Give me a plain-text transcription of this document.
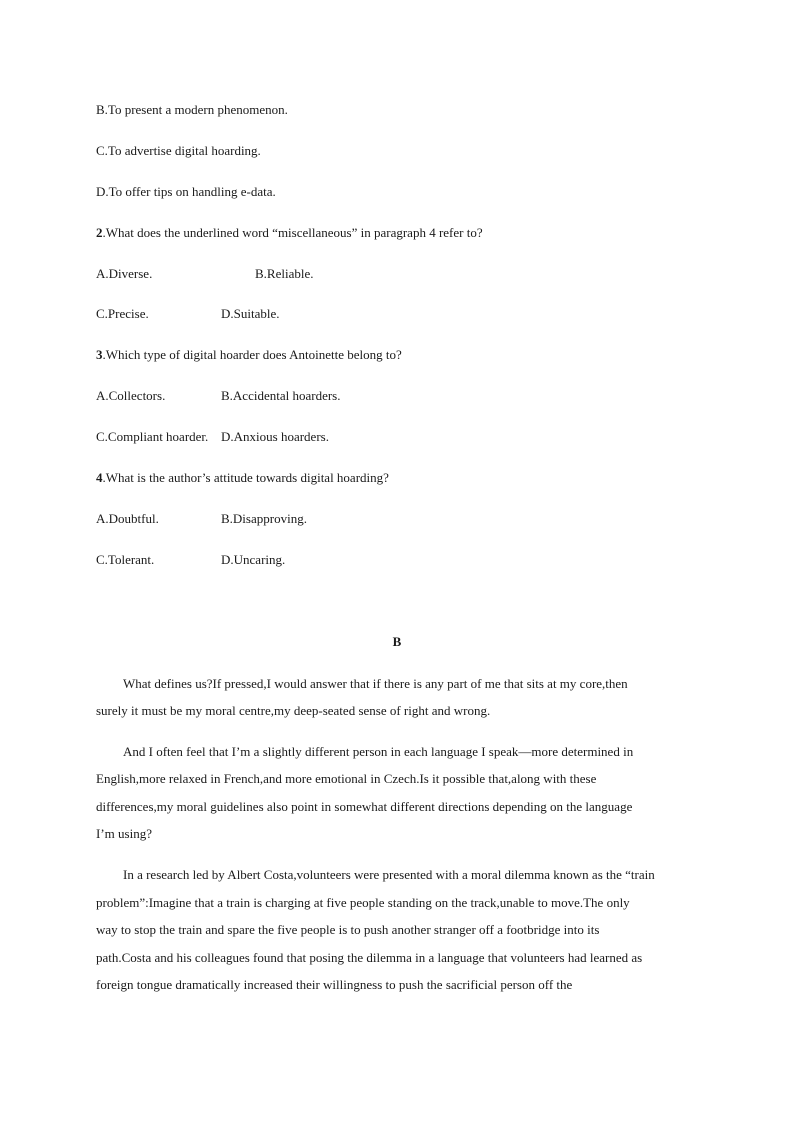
B.To present a modern phenomenon.
C.To advertise digital hoarding.
D.To offer tips on handling e-data.
2.What does the underlined word “miscellaneous” in paragraph 4 refer to?
A.Diverse.	B.Reliable.
C.Precise.	D.Suitable.
3.Which type of digital hoarder does Antoinette belong to?
A.Collectors.	B.Accidental hoarders.
C.Compliant hoarder. D.Anxious hoarders.
4.What is the author’s attitude towards digital hoarding?
A.Doubtful.	B.Disapproving.
C.Tolerant.	D.Uncaring.
B
What defines us?If pressed,I would answer that if there is any part of me that sits at my core,then
surely it must be my moral centre,my deep-seated sense of right and wrong.
And I often feel that I’m a slightly different person in each language I speak—more determined in
English,more relaxed in French,and more emotional in Czech.Is it possible that,along with these
differences,my moral guidelines also point in somewhat different directions depending on the language
I’m using?
In a research led by Albert Costa,volunteers were presented with a moral dilemma known as the “train
problem”:Imagine that a train is charging at five people standing on the track,unable to move.The only
way to stop the train and spare the five people is to push another stranger off a footbridge into its
path.Costa and his colleagues found that posing the dilemma in a language that volunteers had learned as
foreign tongue dramatically increased their willingness to push the sacrificial person off the
